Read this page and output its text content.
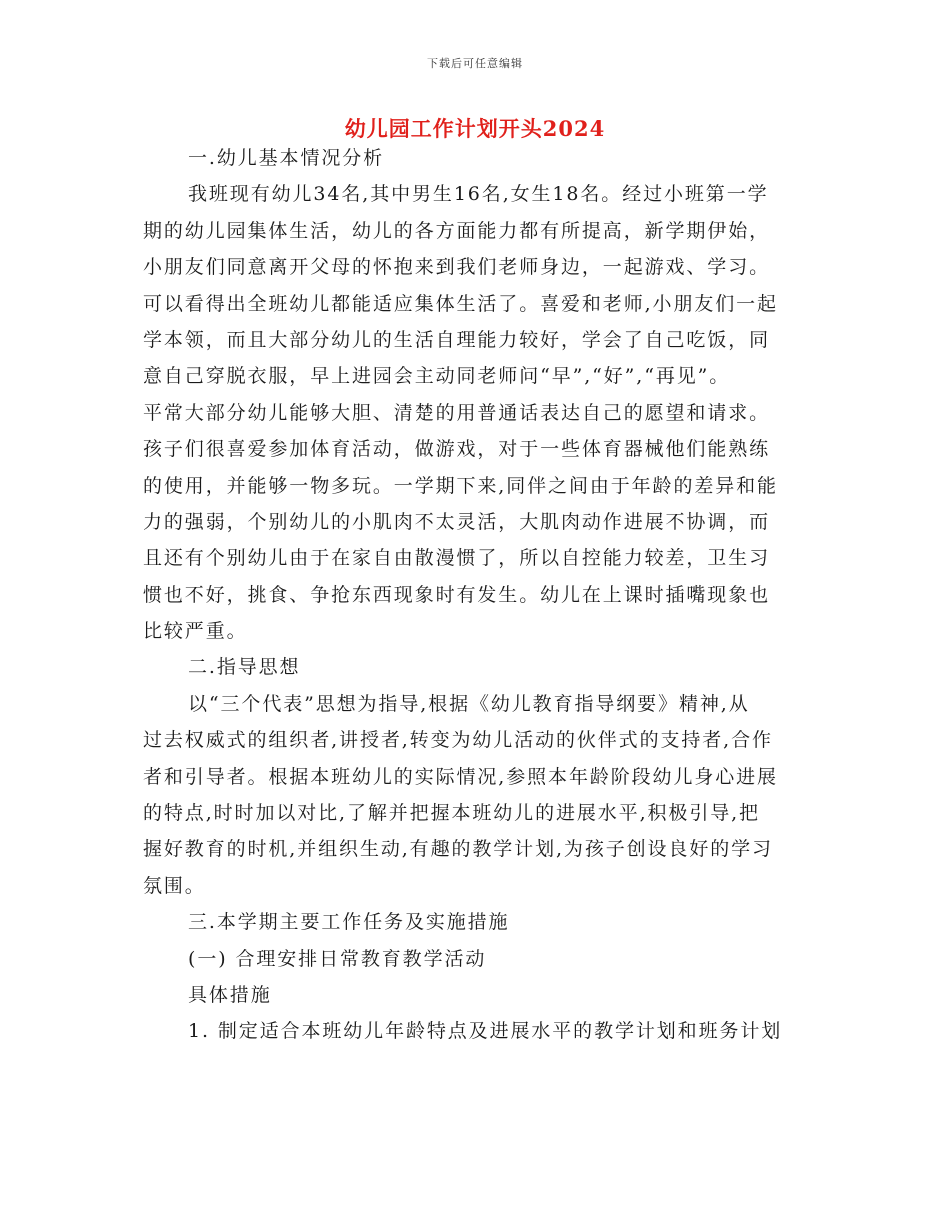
下载后可任意编辑
幼儿园工作计划开头2024
一.幼儿基本情况分析
我班现有幼儿34名,其中男生16名,女生18名。经过小班第一学
期的幼儿园集体生活，幼儿的各方面能力都有所提高，新学期伊始，
小朋友们同意离开父母的怀抱来到我们老师身边，一起游戏、学习。
可以看得出全班幼儿都能适应集体生活了。喜爱和老师,小朋友们一起
学本领，而且大部分幼儿的生活自理能力较好，学会了自己吃饭，同
意自己穿脱衣服，早上进园会主动同老师问“早”,“好”,“再见”。
平常大部分幼儿能够大胆、清楚的用普通话表达自己的愿望和请求。
孩子们很喜爱参加体育活动，做游戏，对于一些体育器械他们能熟练
的使用，并能够一物多玩。一学期下来,同伴之间由于年龄的差异和能
力的强弱，个别幼儿的小肌肉不太灵活，大肌肉动作进展不协调，而
且还有个别幼儿由于在家自由散漫惯了，所以自控能力较差，卫生习
惯也不好，挑食、争抢东西现象时有发生。幼儿在上课时插嘴现象也
比较严重。
二.指导思想
以“三个代表”思想为指导,根据《幼儿教育指导纲要》精神,从
过去权威式的组织者,讲授者,转变为幼儿活动的伙伴式的支持者,合作
者和引导者。根据本班幼儿的实际情况,参照本年龄阶段幼儿身心进展
的特点,时时加以对比,了解并把握本班幼儿的进展水平,积极引导,把
握好教育的时机,并组织生动,有趣的教学计划,为孩子创设良好的学习
氛围。
三.本学期主要工作任务及实施措施
(一) 合理安排日常教育教学活动
具体措施
1. 制定适合本班幼儿年龄特点及进展水平的教学计划和班务计划
